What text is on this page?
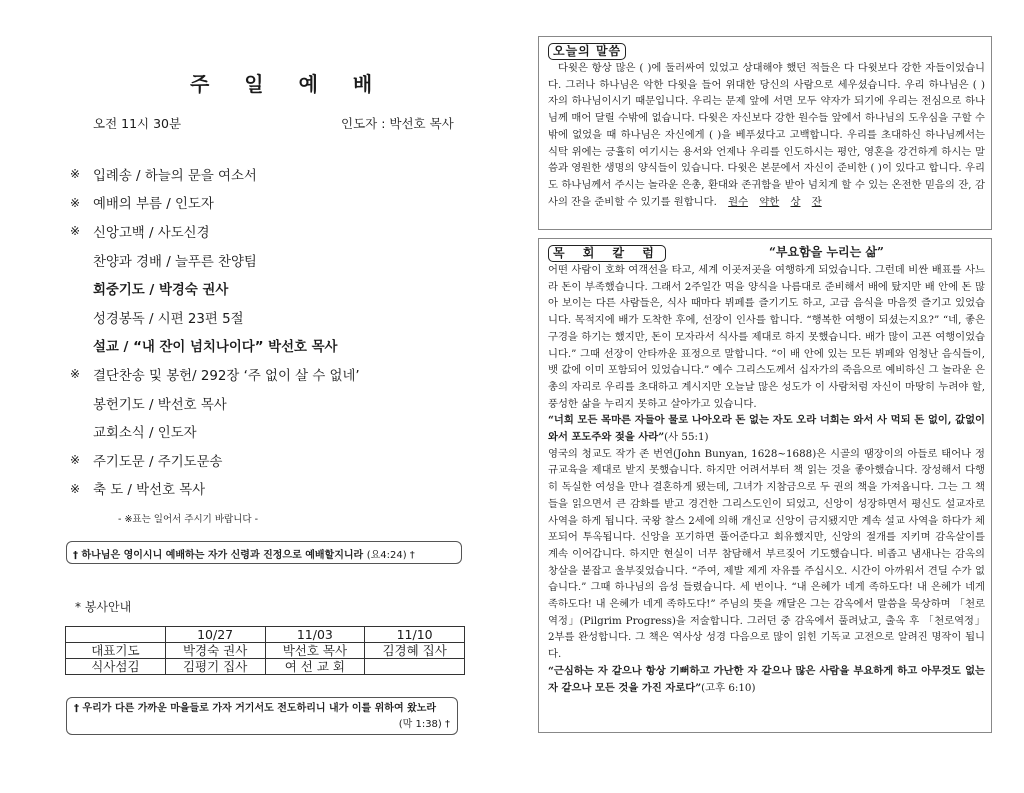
주 일 예 배
오전 11시 30분	인도자 : 박선호 목사
※ 입례송 / 하늘의 문을 여소서
※ 예배의 부름 / 인도자
※ 신앙고백 / 사도신경
찬양과 경배 / 늘푸른 찬양팀
회중기도 / 박경숙 권사
성경봉독 / 시편 23편 5절
설교 / “내 잔이 넘치나이다” 박선호 목사
※ 결단찬송 및 봉헌/ 292장 ‘주 없이 살 수 없네’
봉헌기도 / 박선호 목사
교회소식 / 인도자
※ 주기도문 / 주기도문송
※ 축 도 / 박선호 목사
- ※표는 일어서 주시기 바랍니다 -
† 하나님은 영이시니 예배하는 자가 신령과 진정으로 예배할지니라 (요4:24) †
* 봉사안내
	10/27	11/03	11/10
대표기도	박경숙 권사	박선호 목사	김경혜 집사
식사섬김	김평기 집사	여 선 교 회	
† 우리가 다른 가까운 마을들로 가자 거기서도 전도하리니 내가 이를 위하여 왔노라
(막 1:38) †
오늘의 말씀
다윗은 항상 많은 ( )에 둘러싸여 있었고 상대해야 했던 적들은 다 다윗보다 강한 자들이었습니다. 그러나 하나님은 악한 다윗을 들어 위대한 당신의 사람으로 세우셨습니다. 우리 하나님은 ( ) 자의 하나님이시기 때문입니다. 우리는 문제 앞에 서면 모두 약자가 되기에 우리는 전심으로 하나님께 매어 달릴 수밖에 없습니다. 다윗은 자신보다 강한 원수들 앞에서 하나님의 도우심을 구할 수밖에 없었을 때 하나님은 자신에게 ( )을 베푸셨다고 고백합니다. 우리를 초대하신 하나님께서는 식탁 위에는 긍휼히 여기시는 용서와 언제나 우리를 인도하시는 평안, 영혼을 강건하게 하시는 말씀과 영원한 생명의 양식들이 있습니다. 다윗은 본문에서 자신이 준비한 ( )이 있다고 합니다. 우리도 하나님께서 주시는 놀라운 은총, 환대와 존귀함을 받아 넘치게 할 수 있는 온전한 믿음의 잔, 감사의 잔을 준비할 수 있기를 원합니다. 원수 약한 상 잔
목 회 칼 럼	“부요함을 누리는 삶”
어떤 사람이 호화 여객선을 타고, 세계 이곳저곳을 여행하게 되었습니다. 그런데 비싼 배표를 사느라 돈이 부족했습니다. 그래서 2주일간 먹을 양식을 나름대로 준비해서 배에 탔지만 배 안에 돈 많아 보이는 다른 사람들은, 식사 때마다 뷔페를 즐기기도 하고, 고급 음식을 마음껏 즐기고 있었습니다. 목적지에 배가 도착한 후에, 선장이 인사를 합니다. “행복한 여행이 되셨는지요?” “네, 좋은 구경을 하기는 했지만, 돈이 모자라서 식사를 제대로 하지 못했습니다. 배가 많이 고픈 여행이었습니다.” 그때 선장이 안타까운 표정으로 말합니다. “이 배 안에 있는 모든 뷔페와 엄청난 음식들이, 뱃 값에 이미 포함되어 있었습니다.” 예수 그리스도께서 십자가의 죽음으로 예비하신 그 놀라운 은총의 자리로 우리를 초대하고 계시지만 오늘날 많은 성도가 이 사람처럼 자신이 마땅히 누려야 할, 풍성한 삶을 누리지 못하고 살아가고 있습니다.
“너희 모든 목마른 자들아 물로 나아오라 돈 없는 자도 오라 너희는 와서 사 먹되 돈 없이, 값없이 와서 포도주와 젖을 사라”(사 55:1)
영국의 청교도 작가 존 번연(John Bunyan, 1628~1688)은 시골의 땜장이의 아들로 태어나 정규교육을 제대로 받지 못했습니다. 하지만 어려서부터 책 읽는 것을 좋아했습니다. 장성해서 다행히 독실한 여성을 만나 결혼하게 됐는데, 그녀가 지참금으로 두 권의 책을 가져옵니다. 그는 그 책들을 읽으면서 큰 감화를 받고 경건한 그리스도인이 되었고, 신앙이 성장하면서 평신도 설교자로 사역을 하게 됩니다. 국왕 찰스 2세에 의해 개신교 신앙이 금지됐지만 계속 설교 사역을 하다가 체포되어 투옥됩니다. 신앙을 포기하면 풀어준다고 회유했지만, 신앙의 절개를 지키며 감옥살이를 계속 이어갑니다. 하지만 현실이 너무 참담해서 부르짖어 기도했습니다. 비좁고 냄새나는 감옥의 창살을 붙잡고 울부짖었습니다. “주여, 제발 제게 자유를 주십시오. 시간이 아까워서 견딜 수가 없습니다.” 그때 하나님의 음성 들렸습니다. 세 번이나. “내 은혜가 네게 족하도다! 내 은혜가 네게 족하도다! 내 은혜가 네게 족하도다!” 주님의 뜻을 깨달은 그는 감옥에서 말씀을 묵상하며 「천로역정」(Pilgrim Progress)을 저술합니다. 그러던 중 감옥에서 풀려났고, 출옥 후 「천로역정」 2부를 완성합니다. 그 책은 역사상 성경 다음으로 많이 읽힌 기독교 고전으로 알려진 명작이 됩니다.
“근심하는 자 같으나 항상 기뻐하고 가난한 자 같으나 많은 사람을 부요하게 하고 아무것도 없는 자 같으나 모든 것을 가진 자로다”(고후 6:10)
